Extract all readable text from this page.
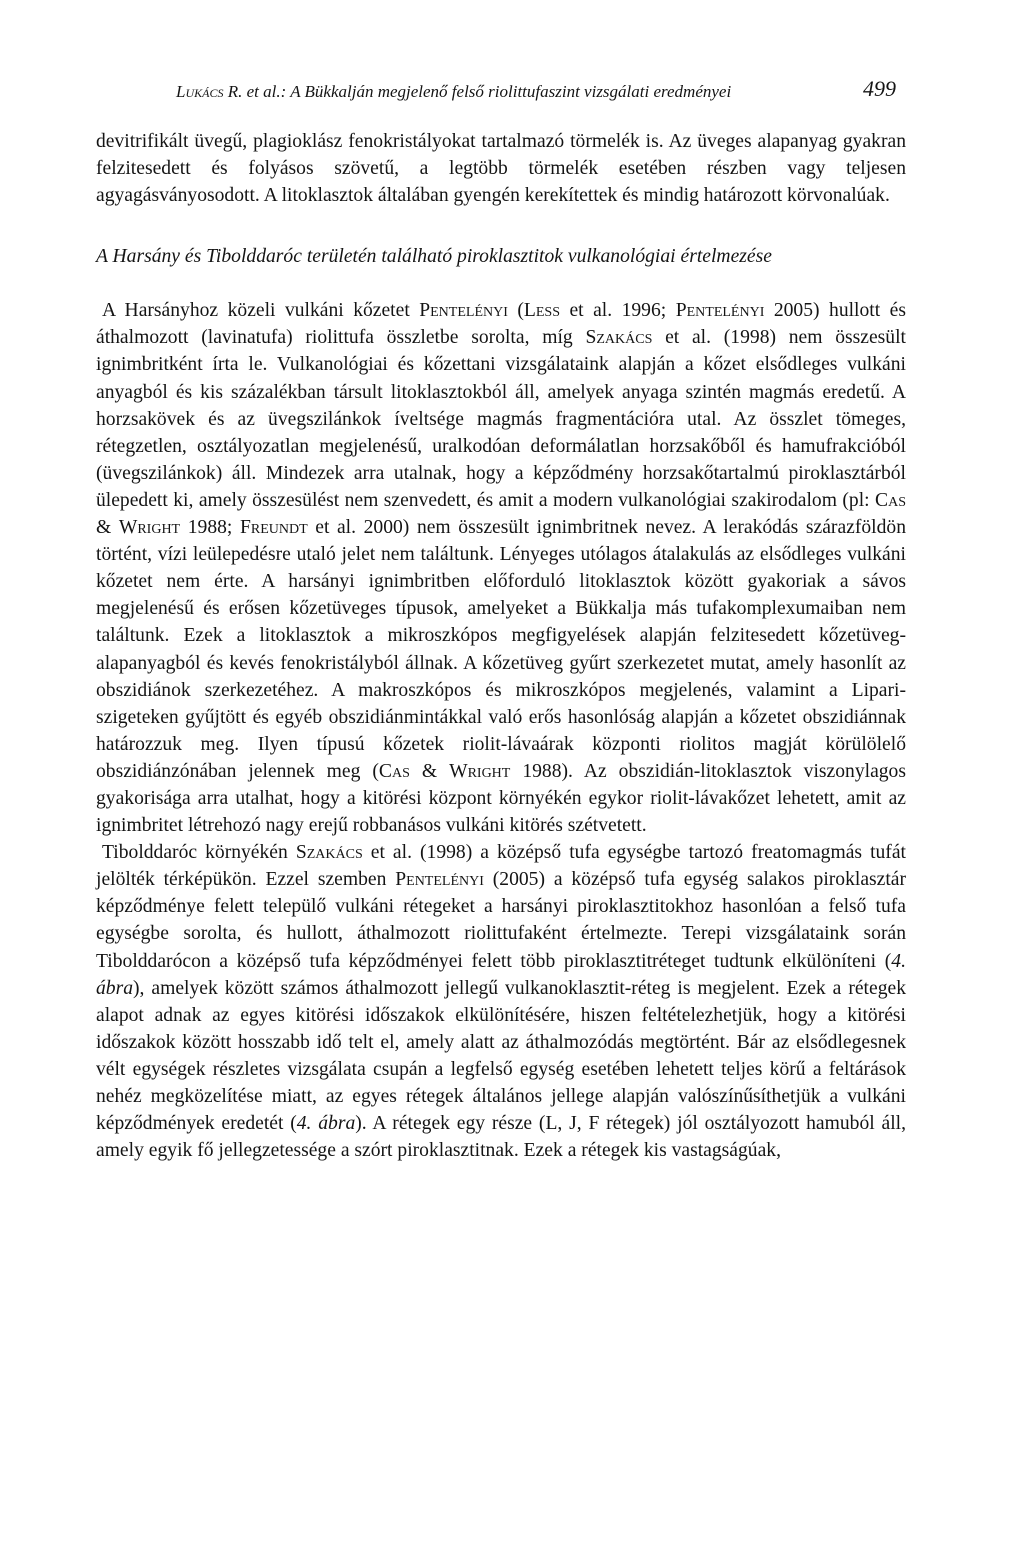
Lukács R. et al.: A Bükkalján megjelenő felső riolittufaszint vizsgálati eredményei	499

devitrifikált üvegű, plagioklász fenokristályokat tartalmazó törmelék is. Az üveges alapanyag gyakran felzitesedett és folyásos szövetű, a legtöbb törmelék esetében részben vagy teljesen agyagásványosodott. A litoklasztok általában gyengén kerekítettek és mindig határozott körvonalúak.

A Harsány és Tibolddaróc területén található piroklasztitok vulkanológiai értelmezése

A Harsányhoz közeli vulkáni kőzetet Pentelényi (Less et al. 1996; Pentelényi 2005) hullott és áthalmozott (lavinatufa) riolittufa összletbe sorolta, míg Szakács et al. (1998) nem összesült ignimbritként írta le. Vulkanológiai és kőzettani vizsgálataink alapján a kőzet elsődleges vulkáni anyagból és kis százalékban társult litoklasztokból áll, amelyek anyaga szintén magmás eredetű. A horzsakövek és az üvegszilánkok íveltsége magmás fragmentációra utal. Az összlet tömeges, rétegzetlen, osztályozatlan megjelenésű, uralkodóan deformálatlan horzsakőből és hamufrakcióból (üvegszilánkok) áll. Mindezek arra utalnak, hogy a képződmény horzsakőtartalmú piroklasztárból ülepedett ki, amely összesülést nem szenvedett, és amit a modern vulkanológiai szakirodalom (pl: Cas & Wright 1988; Freundt et al. 2000) nem összesült ignimbritnek nevez. A lerakódás szárazföldön történt, vízi leülepedésre utaló jelet nem találtunk. Lényeges utólagos átalakulás az elsődleges vulkáni kőzetet nem érte. A harsányi ignimbritben előforduló litoklasztok között gyakoriak a sávos megjelenésű és erősen kőzetüveges típusok, amelyeket a Bükkalja más tufakomplexumaiban nem találtunk. Ezek a litoklasztok a mikroszkópos megfigyelések alapján felzitesedett kőzetüveg-alapanyagból és kevés fenokristályból állnak. A kőzetüveg gyűrt szerkezetet mutat, amely hasonlít az obszidiánok szerkezetéhez. A makroszkópos és mikroszkópos megjelenés, valamint a Lipari-szigeteken gyűjtött és egyéb obszidiánmintákkal való erős hasonlóság alapján a kőzetet obszidiánnak határozzuk meg. Ilyen típusú kőzetek riolit-lávaárak központi riolitos magját körülölelő obszidiánzónában jelennek meg (Cas & Wright 1988). Az obszidián-litoklasztok viszonylagos gyakorisága arra utalhat, hogy a kitörési központ környékén egykor riolit-lávakőzet lehetett, amit az ignimbritet létrehozó nagy erejű robbanásos vulkáni kitörés szétvetett.

Tibolddaróc környékén Szakács et al. (1998) a középső tufa egységbe tartozó freatomagmás tufát jelölték térképükön. Ezzel szemben Pentelényi (2005) a középső tufa egység salakos piroklasztár képződménye felett települő vulkáni rétegeket a harsányi piroklasztitokhoz hasonlóan a felső tufa egységbe sorolta, és hullott, áthalmozott riolittufaként értelmezte. Terepi vizsgálataink során Tibolddarócon a középső tufa képződményei felett több piroklasztitréteget tudtunk elkülöníteni (4. ábra), amelyek között számos áthalmozott jellegű vulkanoklasztit-réteg is megjelent. Ezek a rétegek alapot adnak az egyes kitörési időszakok elkülönítésére, hiszen feltételezhetjük, hogy a kitörési időszakok között hosszabb idő telt el, amely alatt az áthalmozódás megtörtént. Bár az elsődlegesnek vélt egységek részletes vizsgálata csupán a legfelső egység esetében lehetett teljes körű a feltárások nehéz megközelítése miatt, az egyes rétegek általános jellege alapján valószínűsíthetjük a vulkáni képződmények eredetét (4. ábra). A rétegek egy része (L, J, F rétegek) jól osztályozott hamuból áll, amely egyik fő jellegzetessége a szórt piroklasztitnak. Ezek a rétegek kis vastagságúak,
